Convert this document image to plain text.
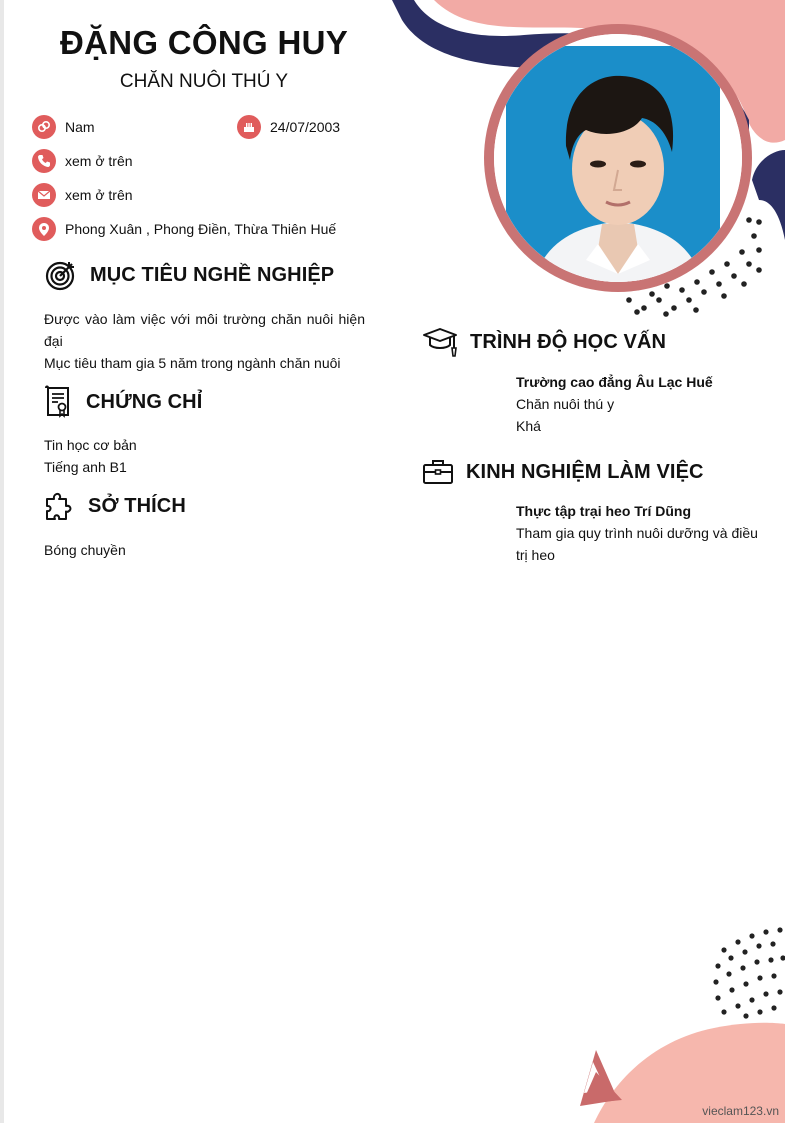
ĐẶNG CÔNG HUY
CHĂN NUÔI THÚ Y
Nam	24/07/2003
xem ở trên
xem ở trên
Phong Xuân , Phong Điền, Thừa Thiên Huế
MỤC TIÊU NGHỀ NGHIỆP
Được vào làm việc với môi trường chăn nuôi hiện đại
Mục tiêu tham gia 5 năm trong ngành chăn nuôi
CHỨNG CHỈ
Tin học cơ bản
Tiếng anh B1
SỞ THÍCH
Bóng chuyền
TRÌNH ĐỘ HỌC VẤN
Trường cao đẳng Âu Lạc Huế
Chăn nuôi thú y
Khá
KINH NGHIỆM LÀM VIỆC
Thực tập trại heo Trí Dũng
Tham gia quy trình nuôi dưỡng và điều trị heo
vieclam123.vn
